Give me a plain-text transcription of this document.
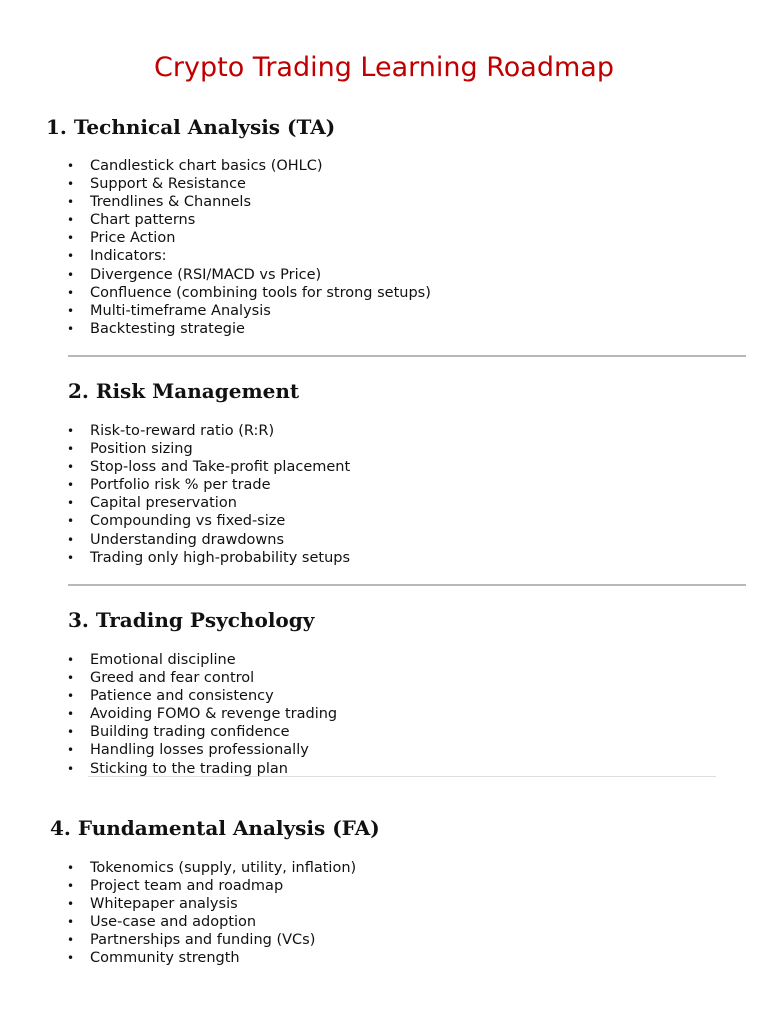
Crypto Trading Learning Roadmap
1. Technical Analysis (TA)
• Candlestick chart basics (OHLC)
• Support & Resistance
• Trendlines & Channels
• Chart patterns
• Price Action
• Indicators:
• Divergence (RSI/MACD vs Price)
• Confluence (combining tools for strong setups)
• Multi-timeframe Analysis
• Backtesting strategie
2. Risk Management
• Risk-to-reward ratio (R:R)
• Position sizing
• Stop-loss and Take-profit placement
• Portfolio risk % per trade
• Capital preservation
• Compounding vs fixed-size
• Understanding drawdowns
• Trading only high-probability setups
3. Trading Psychology
• Emotional discipline
• Greed and fear control
• Patience and consistency
• Avoiding FOMO & revenge trading
• Building trading confidence
• Handling losses professionally
• Sticking to the trading plan
4. Fundamental Analysis (FA)
• Tokenomics (supply, utility, inflation)
• Project team and roadmap
• Whitepaper analysis
• Use-case and adoption
• Partnerships and funding (VCs)
• Community strength
